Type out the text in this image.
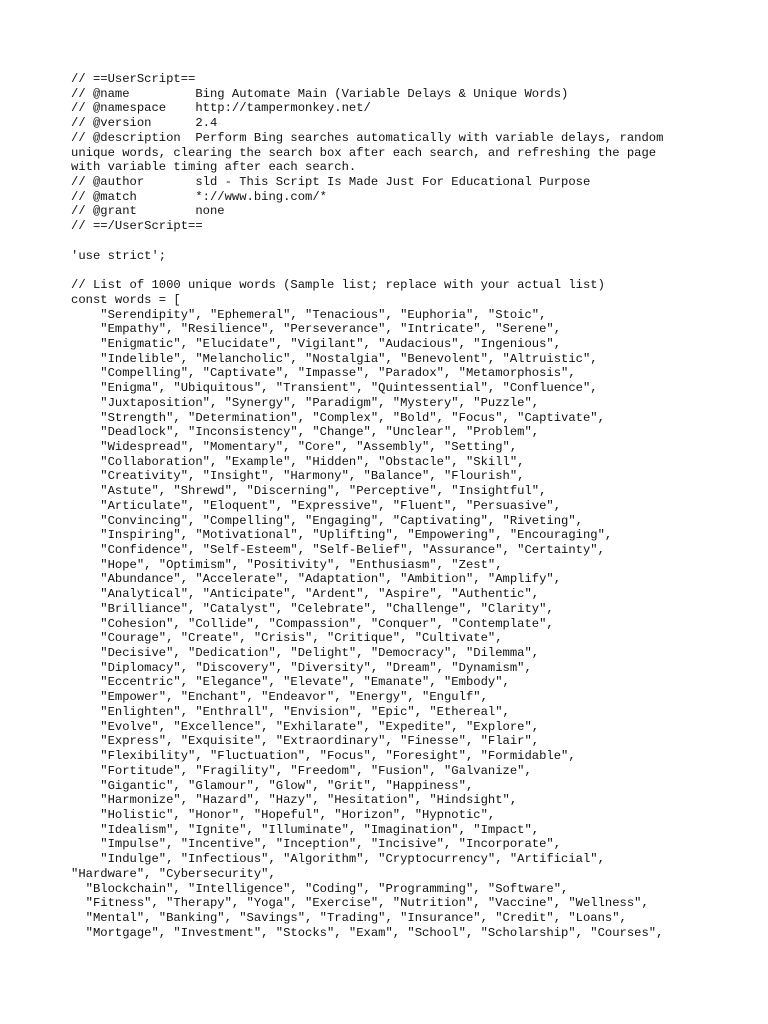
// ==UserScript==
// @name         Bing Automate Main (Variable Delays & Unique Words)
// @namespace    http://tampermonkey.net/
// @version      2.4
// @description  Perform Bing searches automatically with variable delays, random
unique words, clearing the search box after each search, and refreshing the page
with variable timing after each search.
// @author       sld - This Script Is Made Just For Educational Purpose
// @match        *://www.bing.com/*
// @grant        none
// ==/UserScript==
'use strict';
// List of 1000 unique words (Sample list; replace with your actual list)
const words = [
"Serendipity", "Ephemeral", "Tenacious", "Euphoria", "Stoic",
"Empathy", "Resilience", "Perseverance", "Intricate", "Serene",
"Enigmatic", "Elucidate", "Vigilant", "Audacious", "Ingenious",
"Indelible", "Melancholic", "Nostalgia", "Benevolent", "Altruistic",
"Compelling", "Captivate", "Impasse", "Paradox", "Metamorphosis",
"Enigma", "Ubiquitous", "Transient", "Quintessential", "Confluence",
"Juxtaposition", "Synergy", "Paradigm", "Mystery", "Puzzle",
"Strength", "Determination", "Complex", "Bold", "Focus", "Captivate",
"Deadlock", "Inconsistency", "Change", "Unclear", "Problem",
"Widespread", "Momentary", "Core", "Assembly", "Setting",
"Collaboration", "Example", "Hidden", "Obstacle", "Skill",
"Creativity", "Insight", "Harmony", "Balance", "Flourish",
"Astute", "Shrewd", "Discerning", "Perceptive", "Insightful",
"Articulate", "Eloquent", "Expressive", "Fluent", "Persuasive",
"Convincing", "Compelling", "Engaging", "Captivating", "Riveting",
"Inspiring", "Motivational", "Uplifting", "Empowering", "Encouraging",
"Confidence", "Self-Esteem", "Self-Belief", "Assurance", "Certainty",
"Hope", "Optimism", "Positivity", "Enthusiasm", "Zest",
"Abundance", "Accelerate", "Adaptation", "Ambition", "Amplify",
"Analytical", "Anticipate", "Ardent", "Aspire", "Authentic",
"Brilliance", "Catalyst", "Celebrate", "Challenge", "Clarity",
"Cohesion", "Collide", "Compassion", "Conquer", "Contemplate",
"Courage", "Create", "Crisis", "Critique", "Cultivate",
"Decisive", "Dedication", "Delight", "Democracy", "Dilemma",
"Diplomacy", "Discovery", "Diversity", "Dream", "Dynamism",
"Eccentric", "Elegance", "Elevate", "Emanate", "Embody",
"Empower", "Enchant", "Endeavor", "Energy", "Engulf",
"Enlighten", "Enthrall", "Envision", "Epic", "Ethereal",
"Evolve", "Excellence", "Exhilarate", "Expedite", "Explore",
"Express", "Exquisite", "Extraordinary", "Finesse", "Flair",
"Flexibility", "Fluctuation", "Focus", "Foresight", "Formidable",
"Fortitude", "Fragility", "Freedom", "Fusion", "Galvanize",
"Gigantic", "Glamour", "Glow", "Grit", "Happiness",
"Harmonize", "Hazard", "Hazy", "Hesitation", "Hindsight",
"Holistic", "Honor", "Hopeful", "Horizon", "Hypnotic",
"Idealism", "Ignite", "Illuminate", "Imagination", "Impact",
"Impulse", "Incentive", "Inception", "Incisive", "Incorporate",
"Indulge", "Infectious", "Algorithm", "Cryptocurrency", "Artificial",
"Hardware", "Cybersecurity",
"Blockchain", "Intelligence", "Coding", "Programming", "Software",
"Fitness", "Therapy", "Yoga", "Exercise", "Nutrition", "Vaccine", "Wellness",
"Mental", "Banking", "Savings", "Trading", "Insurance", "Credit", "Loans",
"Mortgage", "Investment", "Stocks", "Exam", "School", "Scholarship", "Courses",
